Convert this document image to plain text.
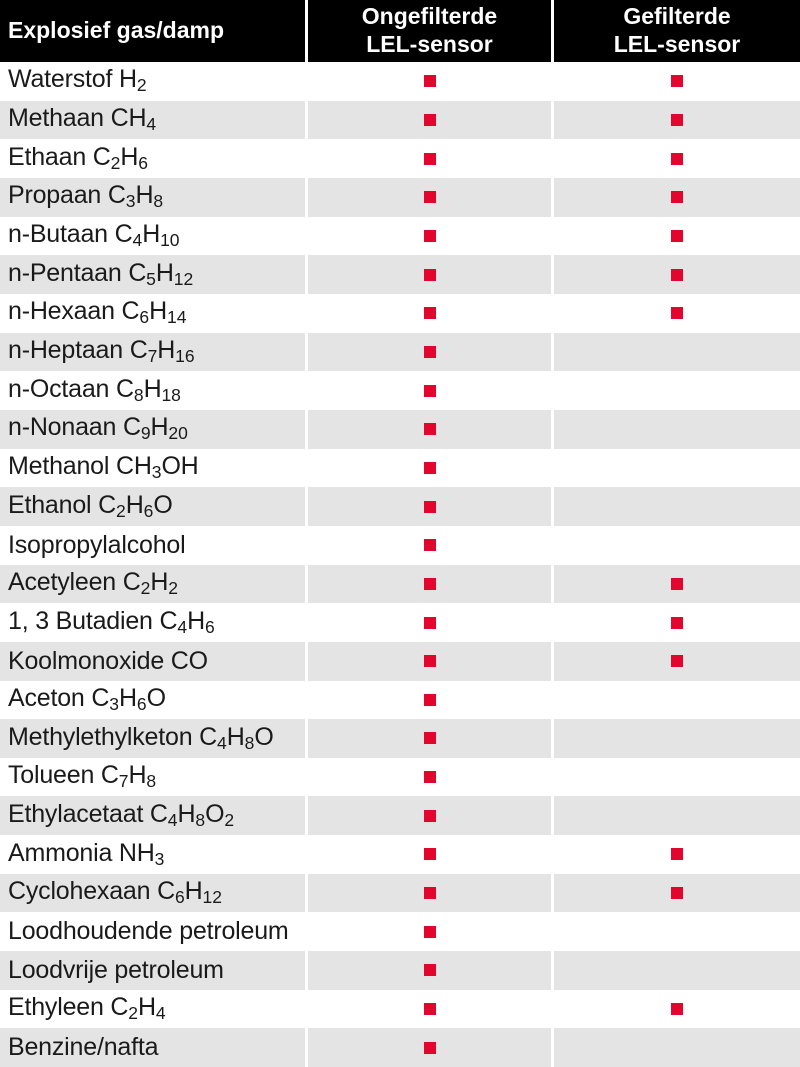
Explosief gas/damp
Ongefilterde
LEL-sensor
Gefilterde
LEL-sensor
Waterstof $H_2$
Methaan $CH_4$
Ethaan $C_2H_6$
Propaan $C_3H_8$
n-Butaan $C_4H_{10}$
n-Pentaan $C_5H_{12}$
n-Hexaan $C_6H_{14}$
n-Heptaan $C_7H_{16}$
n-Octaan $C_8H_{18}$
n-Nonaan $C_9H_{20}$
Methanol $CH_3OH$
Ethanol $C_2H_6O$
Isopropylalcohol
Acetyleen $C_2H_2$
1, 3 Butadien $C_4H_6$
Koolmonoxide CO
Aceton $C_3H_6O$
Methylethylketon $C_4H_8O$
Tolueen $C_7H_8$
Ethylacetaat $C_4H_8O_2$
Ammonia $NH_3$
Cyclohexaan $C_6H_{12}$
Loodhoudende petroleum
Loodvrije petroleum
Ethyleen $C_2H_4$
Benzine/nafta
